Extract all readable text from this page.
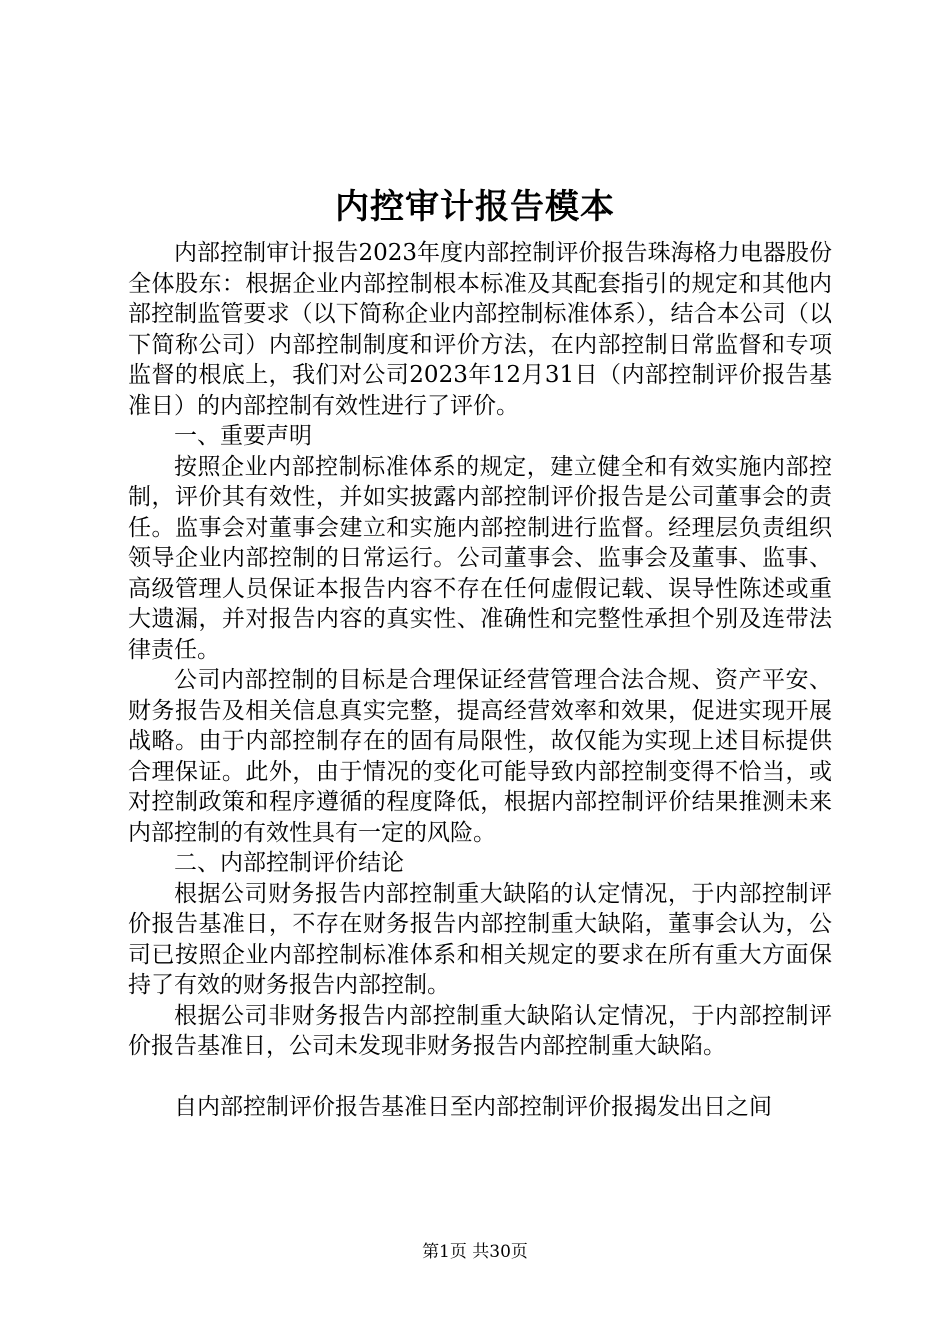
内控审计报告模本

内部控制审计报告2023年度内部控制评价报告珠海格力电器股份全体股东：根据企业内部控制根本标准及其配套指引的规定和其他内部控制监管要求（以下简称企业内部控制标准体系），结合本公司（以下简称公司）内部控制制度和评价方法，在内部控制日常监督和专项监督的根底上，我们对公司2023年12月31日（内部控制评价报告基准日）的内部控制有效性进行了评价。

一、重要声明

按照企业内部控制标准体系的规定，建立健全和有效实施内部控制，评价其有效性，并如实披露内部控制评价报告是公司董事会的责任。监事会对董事会建立和实施内部控制进行监督。经理层负责组织领导企业内部控制的日常运行。公司董事会、监事会及董事、监事、高级管理人员保证本报告内容不存在任何虚假记载、误导性陈述或重大遗漏，并对报告内容的真实性、准确性和完整性承担个别及连带法律责任。

公司内部控制的目标是合理保证经营管理合法合规、资产平安、财务报告及相关信息真实完整，提高经营效率和效果，促进实现开展战略。由于内部控制存在的固有局限性，故仅能为实现上述目标提供合理保证。此外，由于情况的变化可能导致内部控制变得不恰当，或对控制政策和程序遵循的程度降低，根据内部控制评价结果推测未来内部控制的有效性具有一定的风险。

二、内部控制评价结论

根据公司财务报告内部控制重大缺陷的认定情况，于内部控制评价报告基准日，不存在财务报告内部控制重大缺陷，董事会认为，公司已按照企业内部控制标准体系和相关规定的要求在所有重大方面保持了有效的财务报告内部控制。

根据公司非财务报告内部控制重大缺陷认定情况，于内部控制评价报告基准日，公司未发现非财务报告内部控制重大缺陷。

自内部控制评价报告基准日至内部控制评价报揭发出日之间

第1页 共30页
